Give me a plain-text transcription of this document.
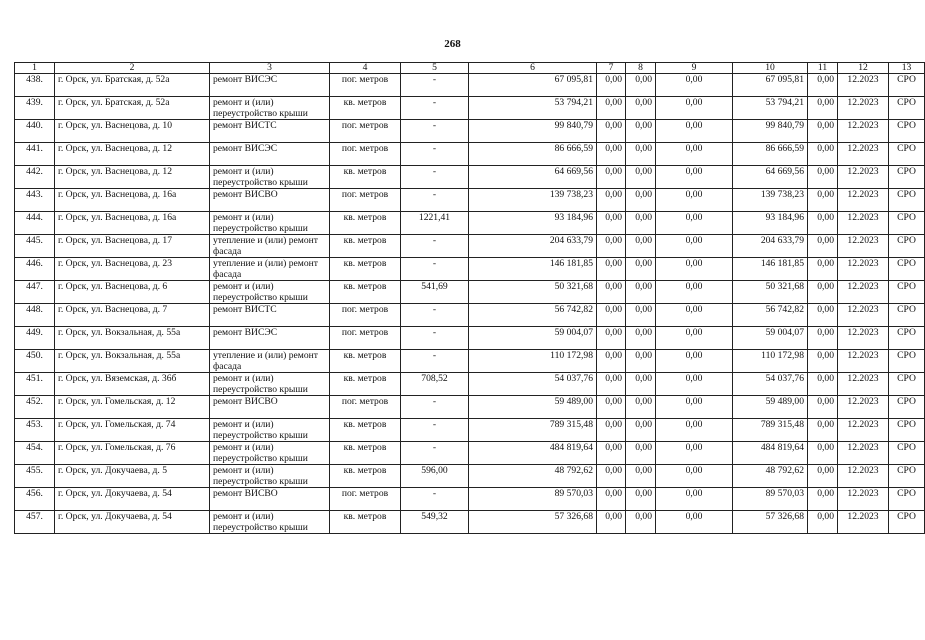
268
1	2	3	4	5	6	7	8	9	10	11	12	13
438.	г. Орск, ул. Братская, д. 52а	ремонт ВИСЭС	пог. метров	-	67 095,81	0,00	0,00	0,00	67 095,81	0,00	12.2023	СРО
439.	г. Орск, ул. Братская, д. 52а	ремонт и (или) переустройство крыши	кв. метров	-	53 794,21	0,00	0,00	0,00	53 794,21	0,00	12.2023	СРО
440.	г. Орск, ул. Васнецова, д. 10	ремонт ВИСТС	пог. метров	-	99 840,79	0,00	0,00	0,00	99 840,79	0,00	12.2023	СРО
441.	г. Орск, ул. Васнецова, д. 12	ремонт ВИСЭС	пог. метров	-	86 666,59	0,00	0,00	0,00	86 666,59	0,00	12.2023	СРО
442.	г. Орск, ул. Васнецова, д. 12	ремонт и (или) переустройство крыши	кв. метров	-	64 669,56	0,00	0,00	0,00	64 669,56	0,00	12.2023	СРО
443.	г. Орск, ул. Васнецова, д. 16а	ремонт ВИСВО	пог. метров	-	139 738,23	0,00	0,00	0,00	139 738,23	0,00	12.2023	СРО
444.	г. Орск, ул. Васнецова, д. 16а	ремонт и (или) переустройство крыши	кв. метров	1221,41	93 184,96	0,00	0,00	0,00	93 184,96	0,00	12.2023	СРО
445.	г. Орск, ул. Васнецова, д. 17	утепление и (или) ремонт фасада	кв. метров	-	204 633,79	0,00	0,00	0,00	204 633,79	0,00	12.2023	СРО
446.	г. Орск, ул. Васнецова, д. 23	утепление и (или) ремонт фасада	кв. метров	-	146 181,85	0,00	0,00	0,00	146 181,85	0,00	12.2023	СРО
447.	г. Орск, ул. Васнецова, д. 6	ремонт и (или) переустройство крыши	кв. метров	541,69	50 321,68	0,00	0,00	0,00	50 321,68	0,00	12.2023	СРО
448.	г. Орск, ул. Васнецова, д. 7	ремонт ВИСТС	пог. метров	-	56 742,82	0,00	0,00	0,00	56 742,82	0,00	12.2023	СРО
449.	г. Орск, ул. Вокзальная, д. 55а	ремонт ВИСЭС	пог. метров	-	59 004,07	0,00	0,00	0,00	59 004,07	0,00	12.2023	СРО
450.	г. Орск, ул. Вокзальная, д. 55а	утепление и (или) ремонт фасада	кв. метров	-	110 172,98	0,00	0,00	0,00	110 172,98	0,00	12.2023	СРО
451.	г. Орск, ул. Вяземская, д. 36б	ремонт и (или) переустройство крыши	кв. метров	708,52	54 037,76	0,00	0,00	0,00	54 037,76	0,00	12.2023	СРО
452.	г. Орск, ул. Гомельская, д. 12	ремонт ВИСВО	пог. метров	-	59 489,00	0,00	0,00	0,00	59 489,00	0,00	12.2023	СРО
453.	г. Орск, ул. Гомельская, д. 74	ремонт и (или) переустройство крыши	кв. метров	-	789 315,48	0,00	0,00	0,00	789 315,48	0,00	12.2023	СРО
454.	г. Орск, ул. Гомельская, д. 76	ремонт и (или) переустройство крыши	кв. метров	-	484 819,64	0,00	0,00	0,00	484 819,64	0,00	12.2023	СРО
455.	г. Орск, ул. Докучаева, д. 5	ремонт и (или) переустройство крыши	кв. метров	596,00	48 792,62	0,00	0,00	0,00	48 792,62	0,00	12.2023	СРО
456.	г. Орск, ул. Докучаева, д. 54	ремонт ВИСВО	пог. метров	-	89 570,03	0,00	0,00	0,00	89 570,03	0,00	12.2023	СРО
457.	г. Орск, ул. Докучаева, д. 54	ремонт и (или) переустройство крыши	кв. метров	549,32	57 326,68	0,00	0,00	0,00	57 326,68	0,00	12.2023	СРО
